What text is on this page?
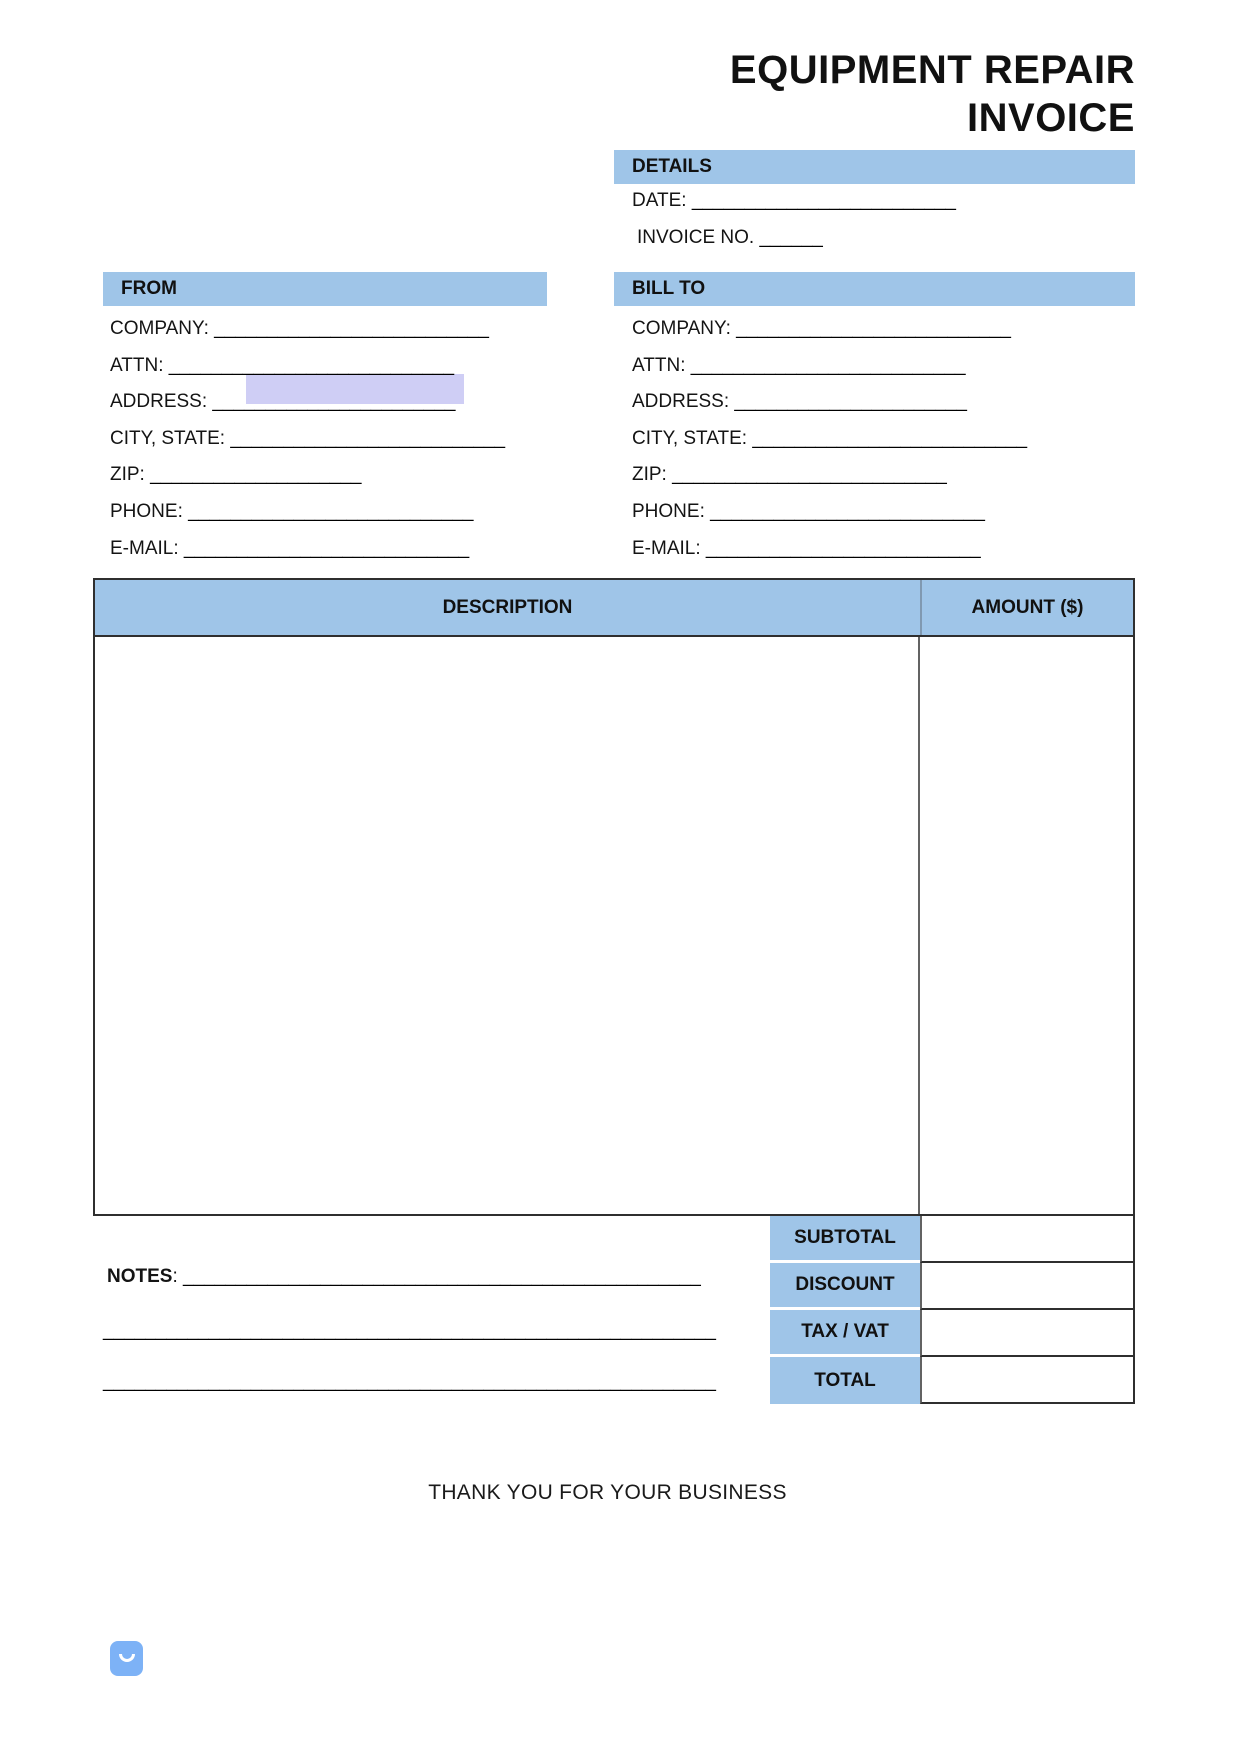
EQUIPMENT REPAIR
INVOICE
DETAILS
DATE: _________________________
INVOICE NO. ______
FROM	BILL TO
COMPANY: __________________________
ATTN: ___________________________
ADDRESS: _______________________
CITY, STATE: __________________________
ZIP: ____________________
PHONE: ___________________________
E-MAIL: ___________________________
COMPANY: __________________________
ATTN: __________________________
ADDRESS: ______________________
CITY, STATE: __________________________
ZIP: __________________________
PHONE: __________________________
E-MAIL: __________________________
DESCRIPTION	AMOUNT ($)
SUBTOTAL
DISCOUNT
TAX / VAT
TOTAL
NOTES: _________________________________________________
__________________________________________________________
__________________________________________________________
THANK YOU FOR YOUR BUSINESS
